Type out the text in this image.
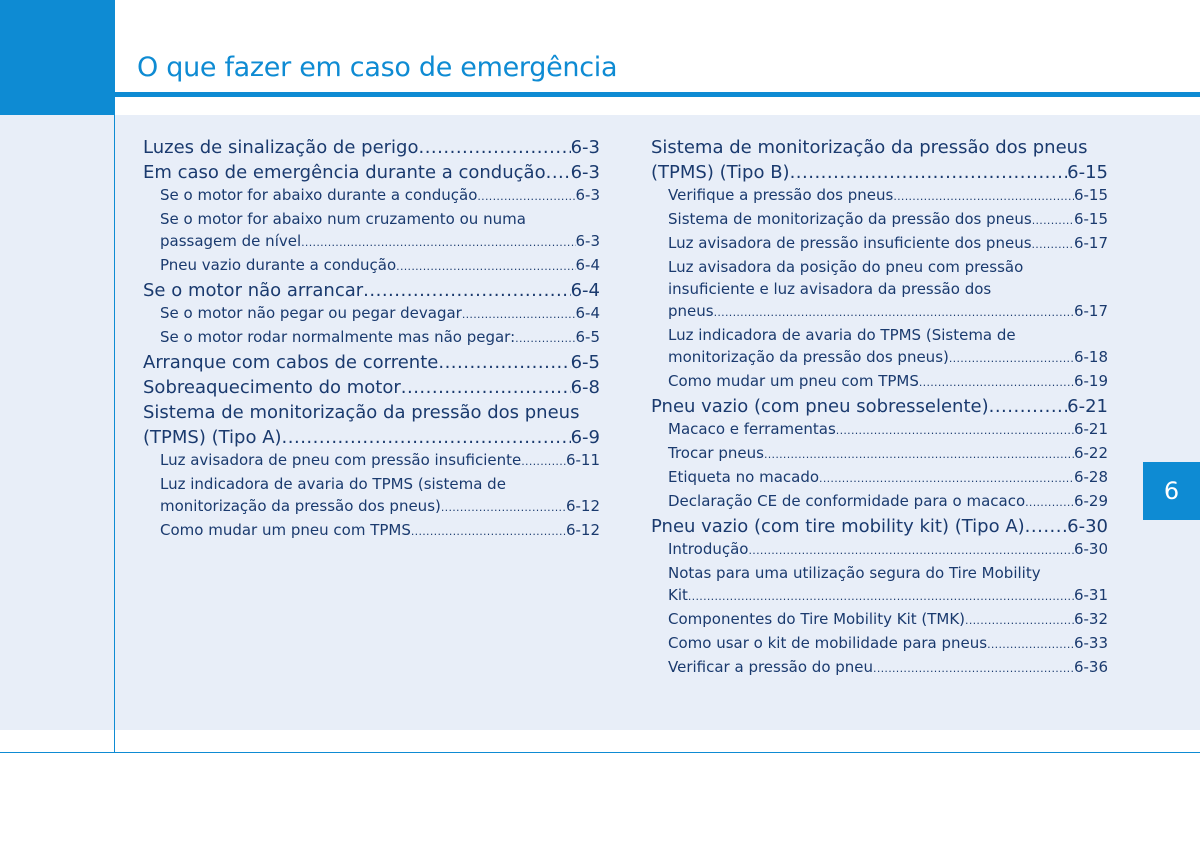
O que fazer em caso de emergência
Luzes de sinalização de perigo .....	6-3
Em caso de emergência durante a condução ..... 6-3
Se o motor for abaixo durante a condução .....	6-3
Se o motor for abaixo num cruzamento ou numa
passagem de nível .....	6-3
Pneu vazio durante a condução .....	6-4
Se o motor não arrancar .....	6-4
Se o motor não pegar ou pegar devagar .....	6-4
Se o motor rodar normalmente mas não pegar: .....	6-5
Arranque com cabos de corrente .....	6-5
Sobreaquecimento do motor .....	6-8
Sistema de monitorização da pressão dos pneus
(TPMS) (Tipo A) .....	6-9
Luz avisadora de pneu com pressão insuficiente .....	6-11
Luz indicadora de avaria do TPMS (sistema de
monitorização da pressão dos pneus) .....	6-12
Como mudar um pneu com TPMS .....	6-12
Sistema de monitorização da pressão dos pneus
(TPMS) (Tipo B) .....	6-15
Verifique a pressão dos pneus .....	6-15
Sistema de monitorização da pressão dos pneus .....	6-15
Luz avisadora de pressão insuficiente dos pneus .....	6-17
Luz avisadora da posição do pneu com pressão
insuficiente e luz avisadora da pressão dos
pneus .....	6-17
Luz indicadora de avaria do TPMS (Sistema de
monitorização da pressão dos pneus) .....	6-18
Como mudar um pneu com TPMS .....	6-19
Pneu vazio (com pneu sobresselente) .....	6-21
Macaco e ferramentas .....	6-21
Trocar pneus .....	6-22
Etiqueta no macado .....	6-28
Declaração CE de conformidade para o macaco .....	6-29
Pneu vazio (com tire mobility kit) (Tipo A) ..... 6-30
Introdução .....	6-30
Notas para uma utilização segura do Tire Mobility
Kit .....	6-31
Componentes do Tire Mobility Kit (TMK) .....	6-32
Como usar o kit de mobilidade para pneus .....	6-33
Verificar a pressão do pneu .....	6-36
6
